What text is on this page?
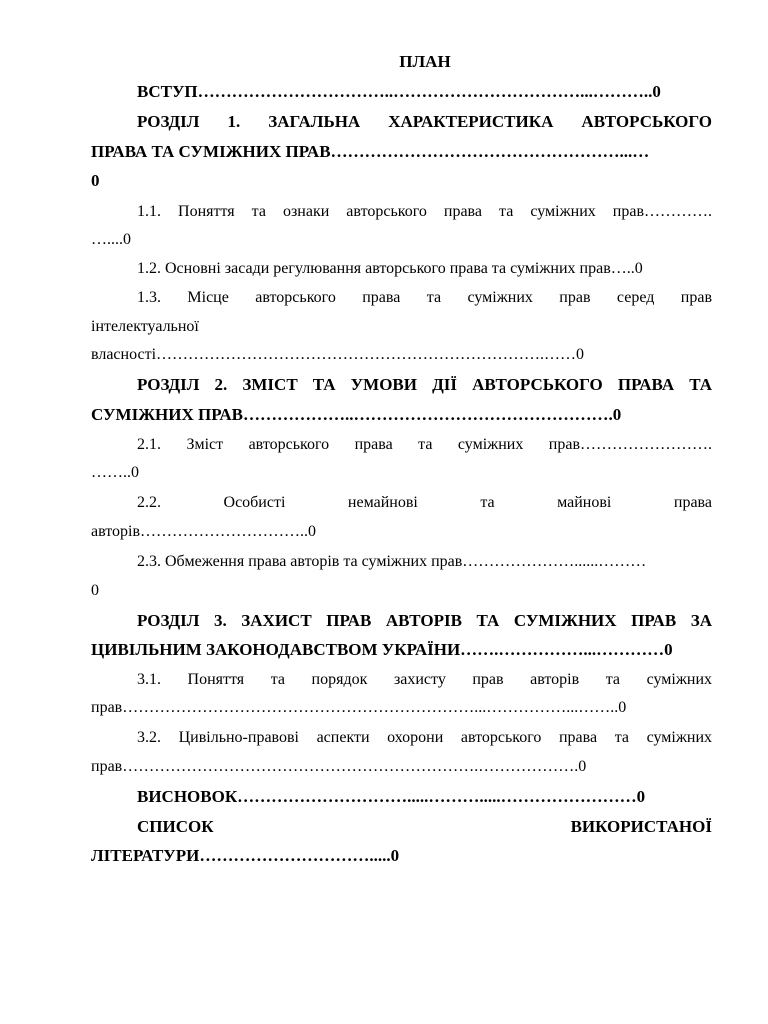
ПЛАН
ВСТУП……………………………..……………………………...………..0
РОЗДІЛ 1. ЗАГАЛЬНА ХАРАКТЕРИСТИКА АВТОРСЬКОГО
ПРАВА ТА СУМІЖНИХ ПРАВ……………………………………………...…
0
1.1. Поняття та ознаки авторського права та суміжних прав………….
…....0
1.2. Основні засади регулювання авторського права та суміжних прав…..0
1.3. Місце авторського права та суміжних прав серед прав
інтелектуальної
власності……………………………………………………………….……0
РОЗДІЛ 2. ЗМІСТ ТА УМОВИ ДІЇ АВТОРСЬКОГО ПРАВА ТА
СУМІЖНИХ ПРАВ………………..……………………………………….0
2.1. Зміст авторського права та суміжних прав…………………….
……..0
2.2. Особисті немайнові та майнові права
авторів…………………………..0
2.3. Обмеження права авторів та суміжних прав…………………......………
0
РОЗДІЛ 3. ЗАХИСТ ПРАВ АВТОРІВ ТА СУМІЖНИХ ПРАВ ЗА
ЦИВІЛЬНИМ ЗАКОНОДАВСТВОМ УКРАЇНИ…….……………...…………0
3.1. Поняття та порядок захисту прав авторів та суміжних
прав…………………………………………………………...……………...……..0
3.2. Цивільно-правові аспекти охорони авторського права та суміжних
прав………………………………………………………….……………….0
ВИСНОВОК………………………….....……….....……………………0
СПИСОК ВИКОРИСТАНОЇ
ЛІТЕРАТУРИ………………………….....0
